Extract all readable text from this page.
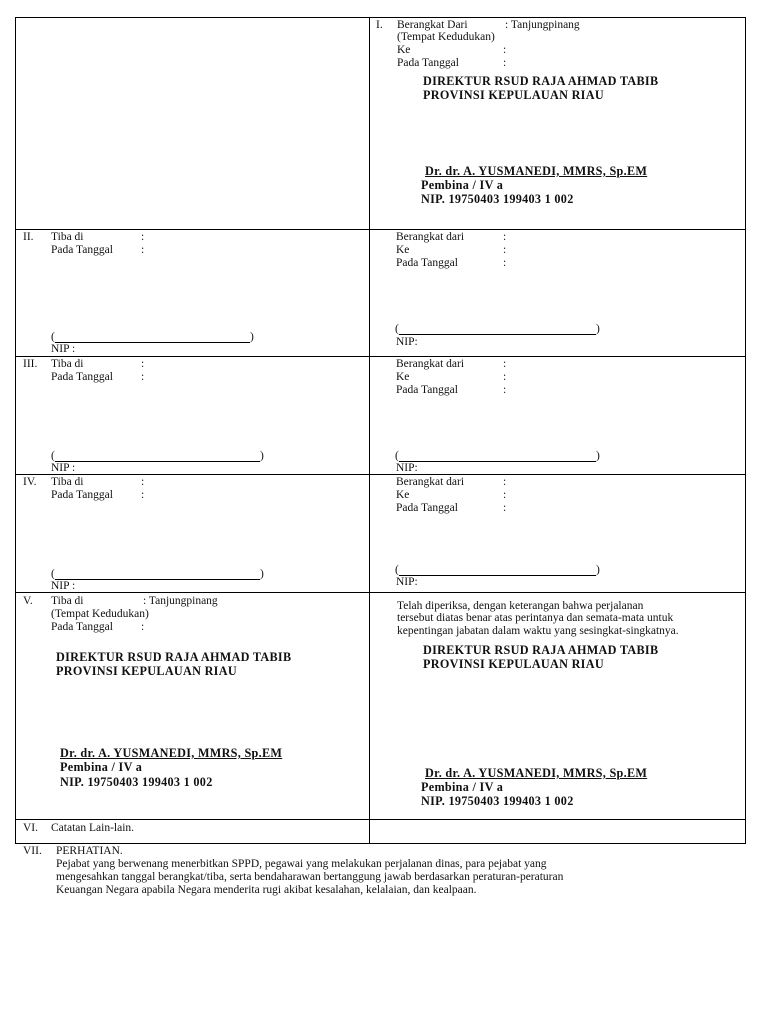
I. Berangkat Dari	: Tanjungpinang
(Tempat Kedudukan)
Ke	:
Pada Tanggal	:
DIREKTUR RSUD RAJA AHMAD TABIB
PROVINSI KEPULAUAN RIAU
Dr. dr. A. YUSMANEDI, MMRS, Sp.EM
Pembina / IV a
NIP. 19750403 199403 1 002
II. Tiba di	:
Pada Tanggal :
(	)
NIP :
Berangkat dari	:
Ke	:
Pada Tanggal	:
(	)
NIP:
III. Tiba di	:
Pada Tanggal :
(	)
NIP :
Berangkat dari	:
Ke	:
Pada Tanggal	:
(	)
NIP:
IV. Tiba di	:
Pada Tanggal :
(	)
NIP :
Berangkat dari	:
Ke	:
Pada Tanggal	:
(	)
NIP:
V. Tiba di	: Tanjungpinang
(Tempat Kedudukan)
Pada Tanggal :
DIREKTUR RSUD RAJA AHMAD TABIB
PROVINSI KEPULAUAN RIAU
Dr. dr. A. YUSMANEDI, MMRS, Sp.EM
Pembina / IV a
NIP. 19750403 199403 1 002
Telah diperiksa, dengan keterangan bahwa perjalanan
tersebut diatas benar atas perintanya dan semata-mata untuk
kepentingan jabatan dalam waktu yang sesingkat-singkatnya.
DIREKTUR RSUD RAJA AHMAD TABIB
PROVINSI KEPULAUAN RIAU
Dr. dr. A. YUSMANEDI, MMRS, Sp.EM
Pembina / IV a
NIP. 19750403 199403 1 002
VI. Catatan Lain-lain.
VII. PERHATIAN.
Pejabat yang berwenang menerbitkan SPPD, pegawai yang melakukan perjalanan dinas, para pejabat yang
mengesahkan tanggal berangkat/tiba, serta bendaharawan bertanggung jawab berdasarkan peraturan-peraturan
Keuangan Negara apabila Negara menderita rugi akibat kesalahan, kelalaian, dan kealpaan.
